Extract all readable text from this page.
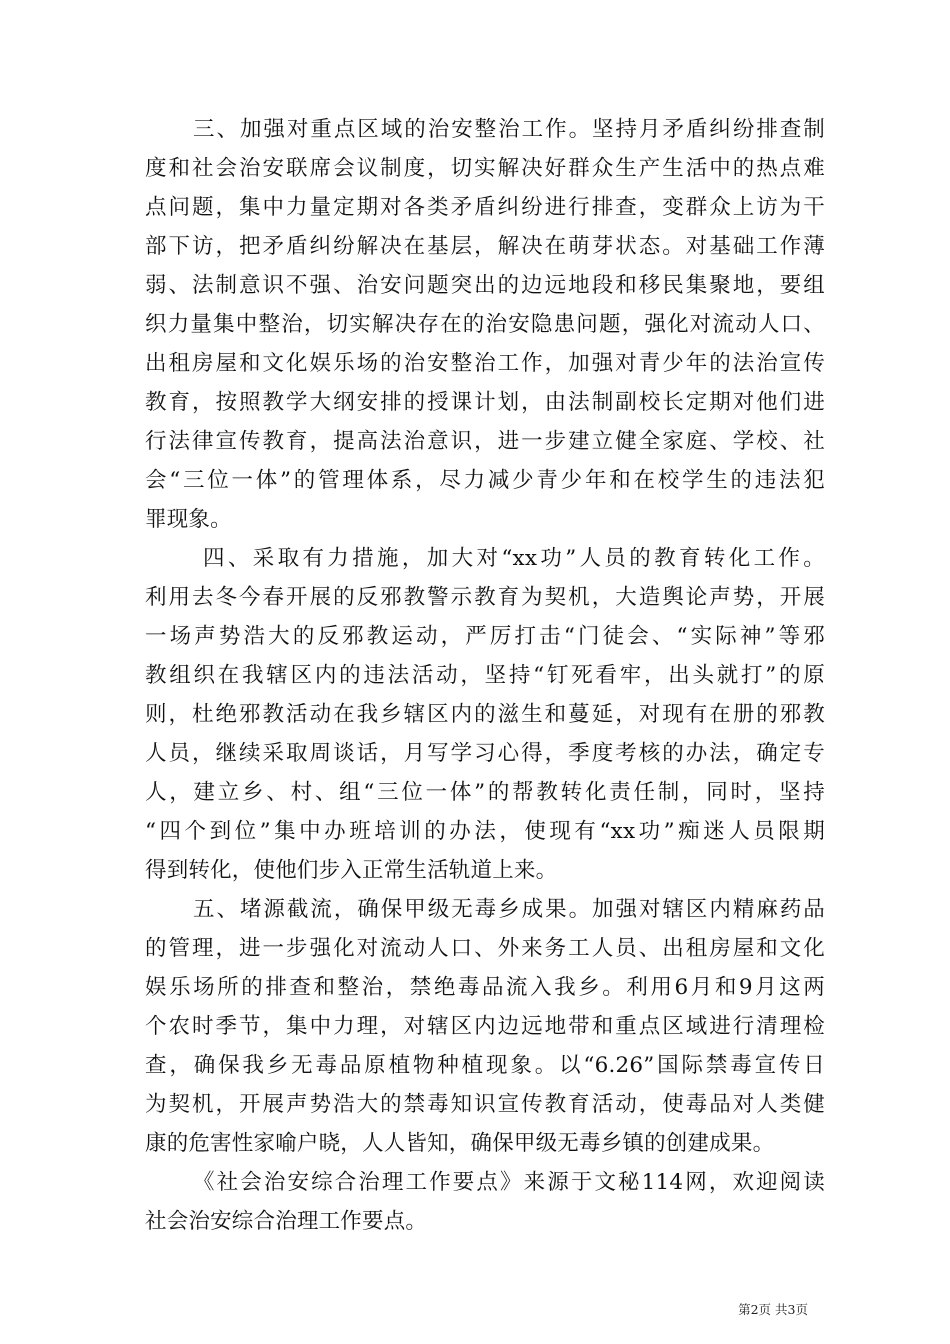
三、加强对重点区域的治安整治工作。坚持月矛盾纠纷排查制
度和社会治安联席会议制度，切实解决好群众生产生活中的热点难
点问题，集中力量定期对各类矛盾纠纷进行排查，变群众上访为干
部下访，把矛盾纠纷解决在基层，解决在萌芽状态。对基础工作薄
弱、法制意识不强、治安问题突出的边远地段和移民集聚地，要组
织力量集中整治，切实解决存在的治安隐患问题，强化对流动人口、
出租房屋和文化娱乐场的治安整治工作，加强对青少年的法治宣传
教育，按照教学大纲安排的授课计划，由法制副校长定期对他们进
行法律宣传教育，提高法治意识，进一步建立健全家庭、学校、社
会“三位一体”的管理体系，尽力减少青少年和在校学生的违法犯
罪现象。
四、采取有力措施，加大对“xx功”人员的教育转化工作。
利用去冬今春开展的反邪教警示教育为契机，大造舆论声势，开展
一场声势浩大的反邪教运动，严厉打击“门徒会、“实际神”等邪
教组织在我辖区内的违法活动，坚持“钉死看牢，出头就打”的原
则，杜绝邪教活动在我乡辖区内的滋生和蔓延，对现有在册的邪教
人员，继续采取周谈话，月写学习心得，季度考核的办法，确定专
人，建立乡、村、组“三位一体”的帮教转化责任制，同时，坚持
“四个到位”集中办班培训的办法，使现有“xx功”痴迷人员限期
得到转化，使他们步入正常生活轨道上来。
五、堵源截流，确保甲级无毒乡成果。加强对辖区内精麻药品
的管理，进一步强化对流动人口、外来务工人员、出租房屋和文化
娱乐场所的排查和整治，禁绝毒品流入我乡。利用6月和9月这两
个农时季节，集中力理，对辖区内边远地带和重点区域进行清理检
查，确保我乡无毒品原植物种植现象。以“6.26”国际禁毒宣传日
为契机，开展声势浩大的禁毒知识宣传教育活动，使毒品对人类健
康的危害性家喻户晓，人人皆知，确保甲级无毒乡镇的创建成果。
《社会治安综合治理工作要点》来源于文秘114网，欢迎阅读
社会治安综合治理工作要点。
第2页 共3页
